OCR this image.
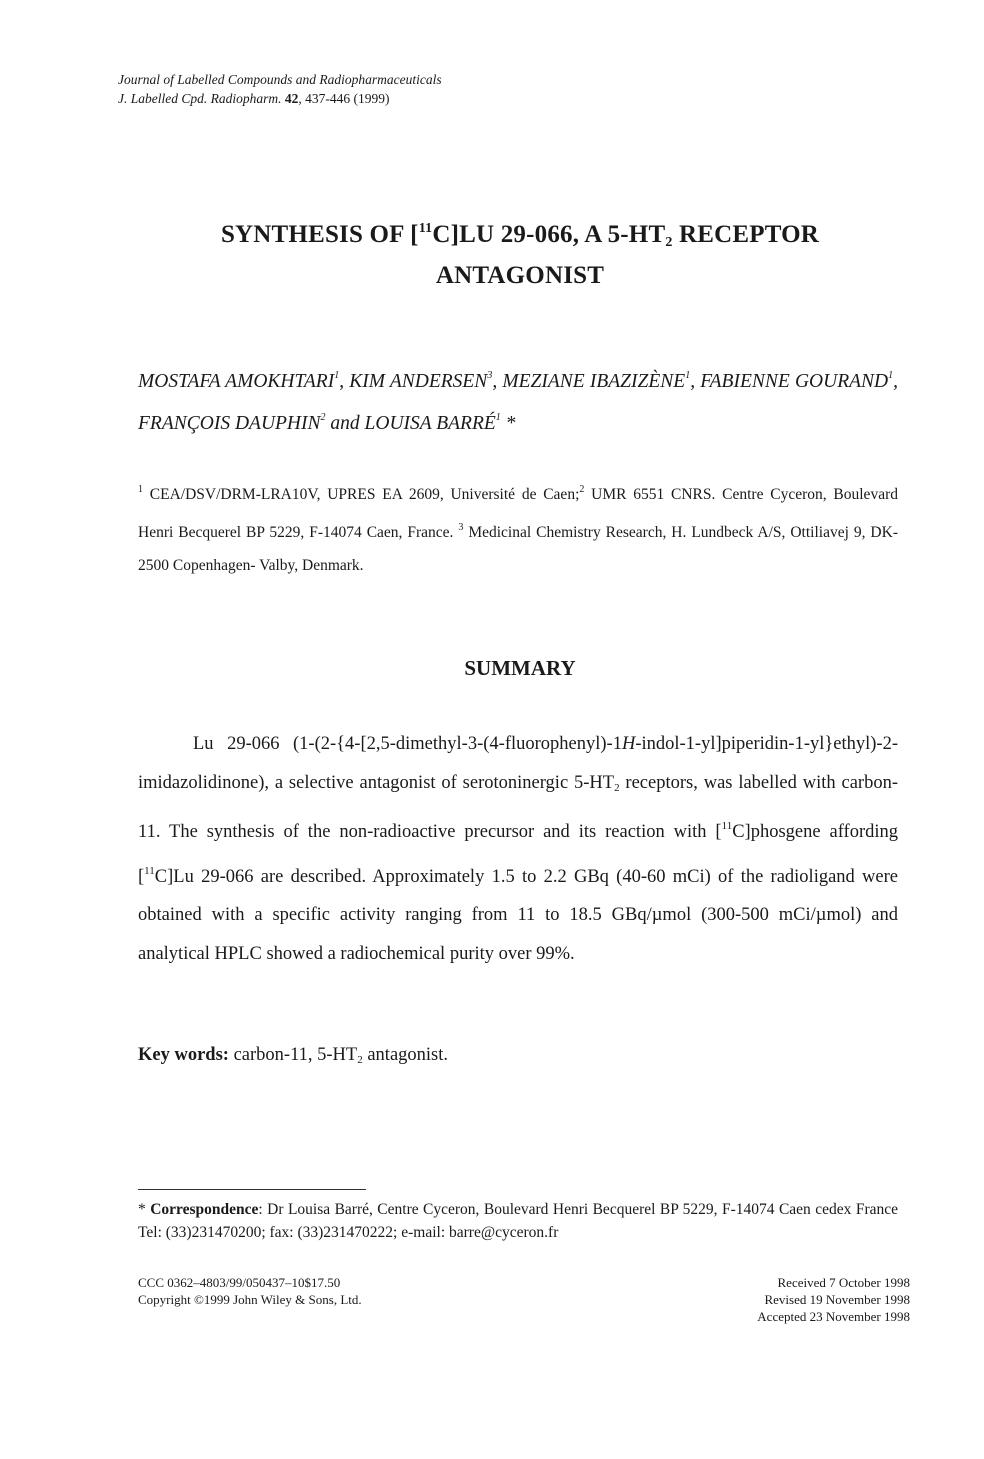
Journal of Labelled Compounds and Radiopharmaceuticals
J. Labelled Cpd. Radiopharm. 42, 437-446 (1999)
SYNTHESIS OF [$^{11}$C]LU 29-066, A $5-HT_2$ RECEPTOR
ANTAGONIST
MOSTAFA AMOKHTARI$^1$, KIM ANDERSEN$^3$, MEZIANE IBAZIZÈNE$^1$, FABIENNE GOURAND$^1$, FRANÇOIS DAUPHIN$^2$ and LOUISA BARRÉ$^1$ *
$^1$ CEA/DSV/DRM-LRA10V, UPRES EA 2609, Université de Caen;$^2$ UMR 6551 CNRS. Centre Cyceron, Boulevard Henri Becquerel BP 5229, F-14074 Caen, France. $^3$ Medicinal Chemistry Research, H. Lundbeck A/S, Ottiliavej 9, DK-2500 Copenhagen- Valby, Denmark.
SUMMARY
Lu 29-066 (1-(2-{4-[2,5-dimethyl-3-(4-fluorophenyl)-1H-indol-1-yl]piperidin-1-yl}ethyl)-2-imidazolidinone), a selective antagonist of serotoninergic $5-HT_2$ receptors, was labelled with carbon-11. The synthesis of the non-radioactive precursor and its reaction with [$^{11}$C]phosgene affording [$^{11}$C]Lu 29-066 are described. Approximately 1.5 to 2.2 GBq (40-60 mCi) of the radioligand were obtained with a specific activity ranging from 11 to 18.5 GBq/µmol (300-500 mCi/µmol) and analytical HPLC showed a radiochemical purity over 99%.
Key words: carbon-11, $5-HT_2$ antagonist.
* Correspondence: Dr Louisa Barré, Centre Cyceron, Boulevard Henri Becquerel BP 5229, F-14074 Caen cedex France Tel: (33)231470200; fax: (33)231470222; e-mail: barre@cyceron.fr
CCC 0362–4803/99/050437–10$17.50
Copyright ©1999 John Wiley & Sons, Ltd.
Received 7 October 1998
Revised 19 November 1998
Accepted 23 November 1998
